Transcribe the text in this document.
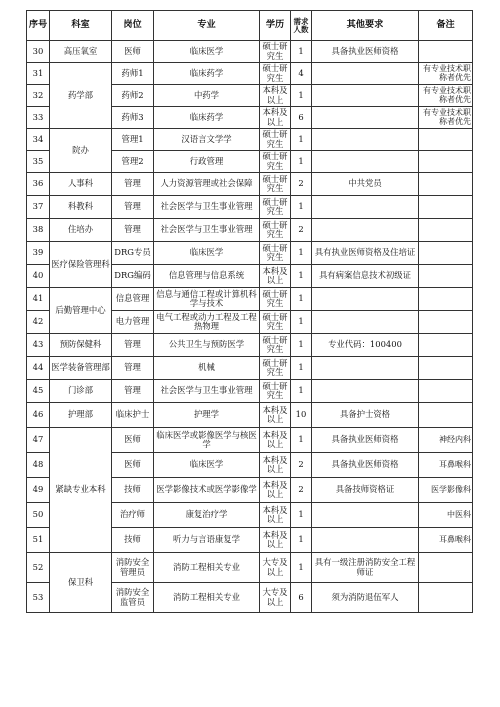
序号	科室	岗位	专业	学历	需求人数	其他要求	备注
30	高压氧室	医师	临床医学	硕士研究生	1	具备执业医师资格	
31	药学部	药师1	临床药学	硕士研究生	4		有专业技术职称者优先
32		药师2	中药学	本科及以上	1		有专业技术职称者优先
33		药师3	临床药学	本科及以上	6		有专业技术职称者优先
34	院办	管理1	汉语言文学学	硕士研究生	1		
35		管理2	行政管理	硕士研究生	1		
36	人事科	管理	人力资源管理或社会保障	硕士研究生	2	中共党员	
37	科教科	管理	社会医学与卫生事业管理	硕士研究生	1		
38	住培办	管理	社会医学与卫生事业管理	硕士研究生	2		
39	医疗保险管理科	DRG专员	临床医学	硕士研究生	1	具有执业医师资格及住培证	
40		DRG编码	信息管理与信息系统	本科及以上	1	具有病案信息技术初级证	
41	后勤管理中心	信息管理	信息与通信工程或计算机科学与技术	硕士研究生	1		
42		电力管理	电气工程或动力工程及工程热物理	硕士研究生	1		
43	预防保健科	管理	公共卫生与预防医学	硕士研究生	1	专业代码：100400	
44	医学装备管理部	管理	机械	硕士研究生	1		
45	门诊部	管理	社会医学与卫生事业管理	硕士研究生	1		
46	护理部	临床护士	护理学	本科及以上	10	具备护士资格	
47	紧缺专业本科	医师	临床医学或影像医学与核医学	本科及以上	1	具备执业医师资格	神经内科
48		医师	临床医学	本科及以上	2	具备执业医师资格	耳鼻喉科
49		技师	医学影像技术或医学影像学	本科及以上	2	具备技师资格证	医学影像科
50		治疗师	康复治疗学	本科及以上	1		中医科
51		技师	听力与言语康复学	本科及以上	1		耳鼻喉科
52	保卫科	消防安全管理员	消防工程相关专业	大专及以上	1	具有一级注册消防安全工程师证	
53		消防安全监管员	消防工程相关专业	大专及以上	6	须为消防退伍军人	
